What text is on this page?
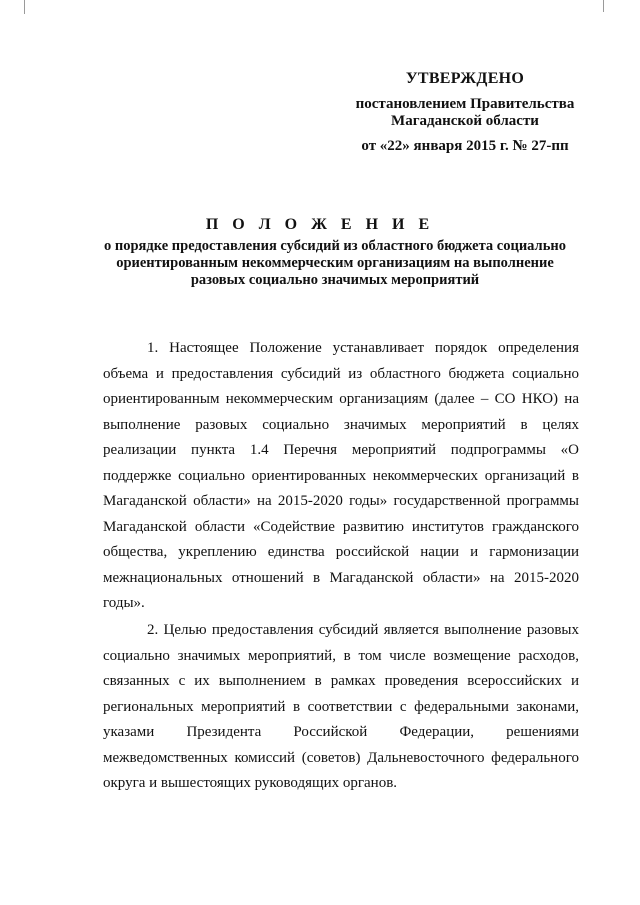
УТВЕРЖДЕНО
постановлением Правительства Магаданской области
от «22» января 2015 г. № 27-пп
П О Л О Ж Е Н И Е
о порядке предоставления субсидий из областного бюджета социально ориентированным некоммерческим организациям на выполнение разовых социально значимых мероприятий

1. Настоящее Положение устанавливает порядок определения объема и предоставления субсидий из областного бюджета социально ориентированным некоммерческим организациям (далее – СО НКО) на выполнение разовых социально значимых мероприятий в целях реализации пункта 1.4 Перечня мероприятий подпрограммы «О поддержке социально ориентированных некоммерческих организаций в Магаданской области» на 2015-2020 годы» государственной программы Магаданской области «Содействие развитию институтов гражданского общества, укреплению единства российской нации и гармонизации межнациональных отношений в Магаданской области» на 2015-2020 годы».

2. Целью предоставления субсидий является выполнение разовых социально значимых мероприятий, в том числе возмещение расходов, связанных с их выполнением в рамках проведения всероссийских и региональных мероприятий в соответствии с федеральными законами, указами Президента Российской Федерации, решениями межведомственных комиссий (советов) Дальневосточного федерального округа и вышестоящих руководящих органов.
